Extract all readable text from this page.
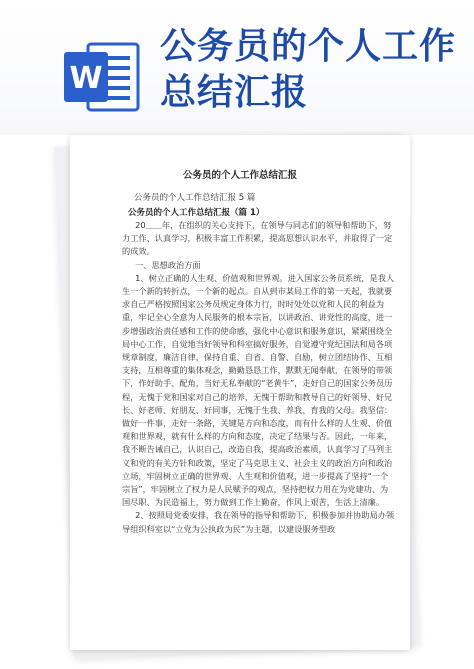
W
公务员的个人工作
总结汇报
公务员的个人工作总结汇报
公务员的个人工作总结汇报 5 篇
公务员的个人工作总结汇报（篇 1）

20＿＿年，在组织的关心支持下，在领导与同志们的领导和帮助下，努力工作、认真学习，积极丰富工作积累，提高思想认识水平，并取得了一定的成效。

一、思想政治方面

1、树立正确的人生观、价值观和世界观。进入国家公务员系统，是我人生一个新的转折点，一个新的起点。自从到市某局工作的第一天起，我就要求自己严格按照国家公务员规定身体力行，时时处处以党和人民的利益为重，牢记全心全意为人民服务的根本宗旨，以讲政治、讲党性的高度，进一步增强政治责任感和工作的使命感，强化中心意识和服务意识，紧紧围绕全局中心工作，自觉地当好领导和科室搞好服务，自觉遵守党纪国法和局各项规章制度，廉洁自律，保持自重、自省、自警、自励，树立团结协作、互相支持，互相尊重的集体观念，勤勤恳恳工作，默默无闻奉献，在领导的带领下，作好助手、配角，当好无私奉献的“老黄牛”，走好自己的国家公务员历程，无愧于党和国家对自己的培养，无愧于帮助和教导自己的好领导、好兄长、好老师、好朋友、好同事，无愧于生我、养我、育我的父母。我坚信：做好一件事，走好一条路，关键是方向和态度，而有什么样的人生观、价值观和世界观，就有什么样的方向和态度，决定了结果与否。因此，一年来，我不断告诫自己，认识自己，改造自我，提高政治素质，认真学习了马列主义和党的有关方针和政策，坚定了马克思主义、社会主义的政治方向和政治立场，牢固树立正确的世界观、人生观和价值观，进一步提高了坚持“一个宗旨”，牢固树立了权力是人民赋予的观点，坚持把权力用在为党建功、为国尽职、为民造福上，努力做到工作上勤奋，作风上艰苦，生活上清廉。

2、按照局党委安排，我在领导的指导和帮助下，积极参加并协助局办领导组织科室以“立党为公执政为民”为主题，以建设服务型政
